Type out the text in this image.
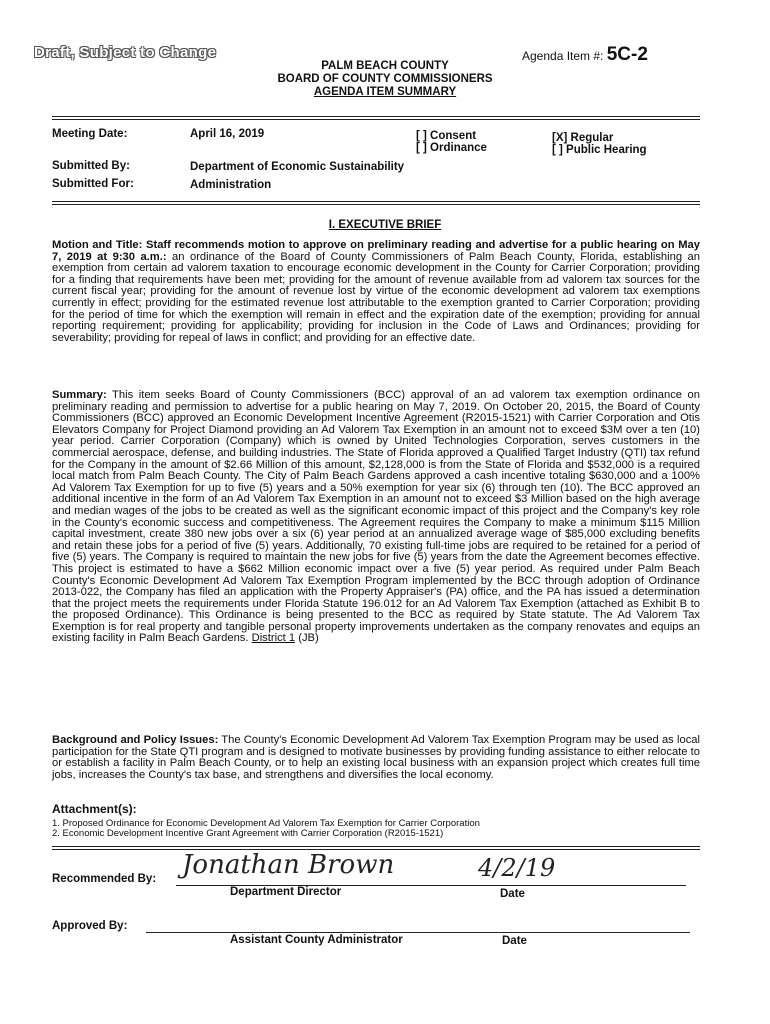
Draft, Subject to Change	Agenda Item #: 5C-2
PALM BEACH COUNTY
BOARD OF COUNTY COMMISSIONERS
AGENDA ITEM SUMMARY
Meeting Date:	April 16, 2019	[ ] Consent
[ ] Ordinance
[X] Regular
[ ] Public Hearing
Submitted By:	Department of Economic Sustainability
Submitted For:	Administration
I. EXECUTIVE BRIEF
Motion and Title: Staff recommends motion to approve on preliminary reading and advertise for a public hearing on May 7, 2019 at 9:30 a.m.: an ordinance of the Board of County Commissioners of Palm Beach County, Florida, establishing an exemption from certain ad valorem taxation to encourage economic development in the County for Carrier Corporation; providing for a finding that requirements have been met; providing for the amount of revenue available from ad valorem tax sources for the current fiscal year; providing for the amount of revenue lost by virtue of the economic development ad valorem tax exemptions currently in effect; providing for the estimated revenue lost attributable to the exemption granted to Carrier Corporation; providing for the period of time for which the exemption will remain in effect and the expiration date of the exemption; providing for annual reporting requirement; providing for applicability; providing for inclusion in the Code of Laws and Ordinances; providing for severability; providing for repeal of laws in conflict; and providing for an effective date.
Summary: This item seeks Board of County Commissioners (BCC) approval of an ad valorem tax exemption ordinance on preliminary reading and permission to advertise for a public hearing on May 7, 2019. On October 20, 2015, the Board of County Commissioners (BCC) approved an Economic Development Incentive Agreement (R2015-1521) with Carrier Corporation and Otis Elevators Company for Project Diamond providing an Ad Valorem Tax Exemption in an amount not to exceed $3M over a ten (10) year period. Carrier Corporation (Company) which is owned by United Technologies Corporation, serves customers in the commercial aerospace, defense, and building industries. The State of Florida approved a Qualified Target Industry (QTI) tax refund for the Company in the amount of $2.66 Million of this amount, $2,128,000 is from the State of Florida and $532,000 is a required local match from Palm Beach County. The City of Palm Beach Gardens approved a cash incentive totaling $630,000 and a 100% Ad Valorem Tax Exemption for up to five (5) years and a 50% exemption for year six (6) through ten (10). The BCC approved an additional incentive in the form of an Ad Valorem Tax Exemption in an amount not to exceed $3 Million based on the high average and median wages of the jobs to be created as well as the significant economic impact of this project and the Company's key role in the County's economic success and competitiveness. The Agreement requires the Company to make a minimum $115 Million capital investment, create 380 new jobs over a six (6) year period at an annualized average wage of $85,000 excluding benefits and retain these jobs for a period of five (5) years. Additionally, 70 existing full-time jobs are required to be retained for a period of five (5) years. The Company is required to maintain the new jobs for five (5) years from the date the Agreement becomes effective. This project is estimated to have a $662 Million economic impact over a five (5) year period. As required under Palm Beach County's Economic Development Ad Valorem Tax Exemption Program implemented by the BCC through adoption of Ordinance 2013-022, the Company has filed an application with the Property Appraiser's (PA) office, and the PA has issued a determination that the project meets the requirements under Florida Statute 196.012 for an Ad Valorem Tax Exemption (attached as Exhibit B to the proposed Ordinance). This Ordinance is being presented to the BCC as required by State statute. The Ad Valorem Tax Exemption is for real property and tangible personal property improvements undertaken as the company renovates and equips an existing facility in Palm Beach Gardens. District 1 (JB)
Background and Policy Issues: The County's Economic Development Ad Valorem Tax Exemption Program may be used as local participation for the State QTI program and is designed to motivate businesses by providing funding assistance to either relocate to or establish a facility in Palm Beach County, or to help an existing local business with an expansion project which creates full time jobs, increases the County's tax base, and strengthens and diversifies the local economy.
Attachment(s):
1. Proposed Ordinance for Economic Development Ad Valorem Tax Exemption for Carrier Corporation
2. Economic Development Incentive Grant Agreement with Carrier Corporation (R2015-1521)
Recommended By: Jonathan Brown	4/2/19
Department Director	Date
Approved By:
Assistant County Administrator	Date
